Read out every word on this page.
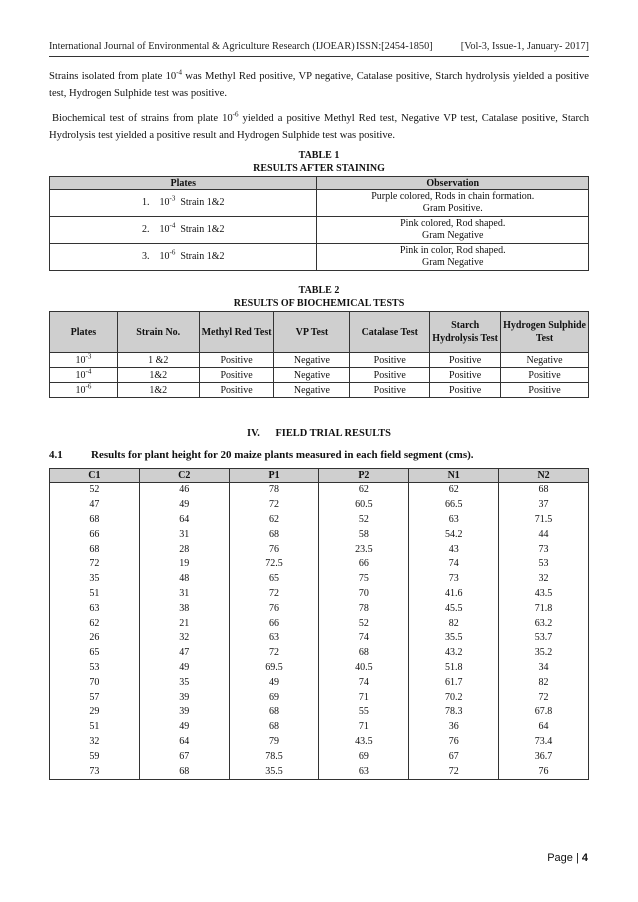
International Journal of Environmental & Agriculture Research (IJOEAR) ISSN:[2454-1850]	[Vol-3, Issue-1, January- 2017]

Strains isolated from plate $10^{-4}$ was Methyl Red positive, VP negative, Catalase positive, Starch hydrolysis yielded a positive test, Hydrogen Sulphide test was positive.

Biochemical test of strains from plate $10^{-6}$ yielded a positive Methyl Red test, Negative VP test, Catalase positive, Starch Hydrolysis test yielded a positive result and Hydrogen Sulphide test was positive.

TABLE 1
RESULTS AFTER STAINING
Plates	Observation
1. $10^{-3}$ Strain 1&2	Purple colored, Rods in chain formation.
Gram Positive.
2. $10^{-4}$ Strain 1&2	Pink colored, Rod shaped.
Gram Negative
3. $10^{-6}$ Strain 1&2	Pink in color, Rod shaped.
Gram Negative
TABLE 2
RESULTS OF BIOCHEMICAL TESTS
Plates	Strain No.	Methyl Red Test	VP Test	Catalase Test	Starch Hydrolysis Test	Hydrogen Sulphide Test
$10^{-3}$	1 &2	Positive	Negative	Positive	Positive	Negative
$10^{-4}$	1&2	Positive	Negative	Positive	Positive	Positive
$10^{-6}$	1&2	Positive	Negative	Positive	Positive	Positive
IV. FIELD TRIAL RESULTS
4.1	Results for plant height for 20 maize plants measured in each field segment (cms).
C1	C2	P1	P2	N1	N2
52	46	78	62	62	68
47	49	72	60.5	66.5	37
68	64	62	52	63	71.5
66	31	68	58	54.2	44
68	28	76	23.5	43	73
72	19	72.5	66	74	53
35	48	65	75	73	32
51	31	72	70	41.6	43.5
63	38	76	78	45.5	71.8
62	21	66	52	82	63.2
26	32	63	74	35.5	53.7
65	47	72	68	43.2	35.2
53	49	69.5	40.5	51.8	34
70	35	49	74	61.7	82
57	39	69	71	70.2	72
29	39	68	55	78.3	67.8
51	49	68	71	36	64
32	64	79	43.5	76	73.4
59	67	78.5	69	67	36.7
73	68	35.5	63	72	76
Page | 4
